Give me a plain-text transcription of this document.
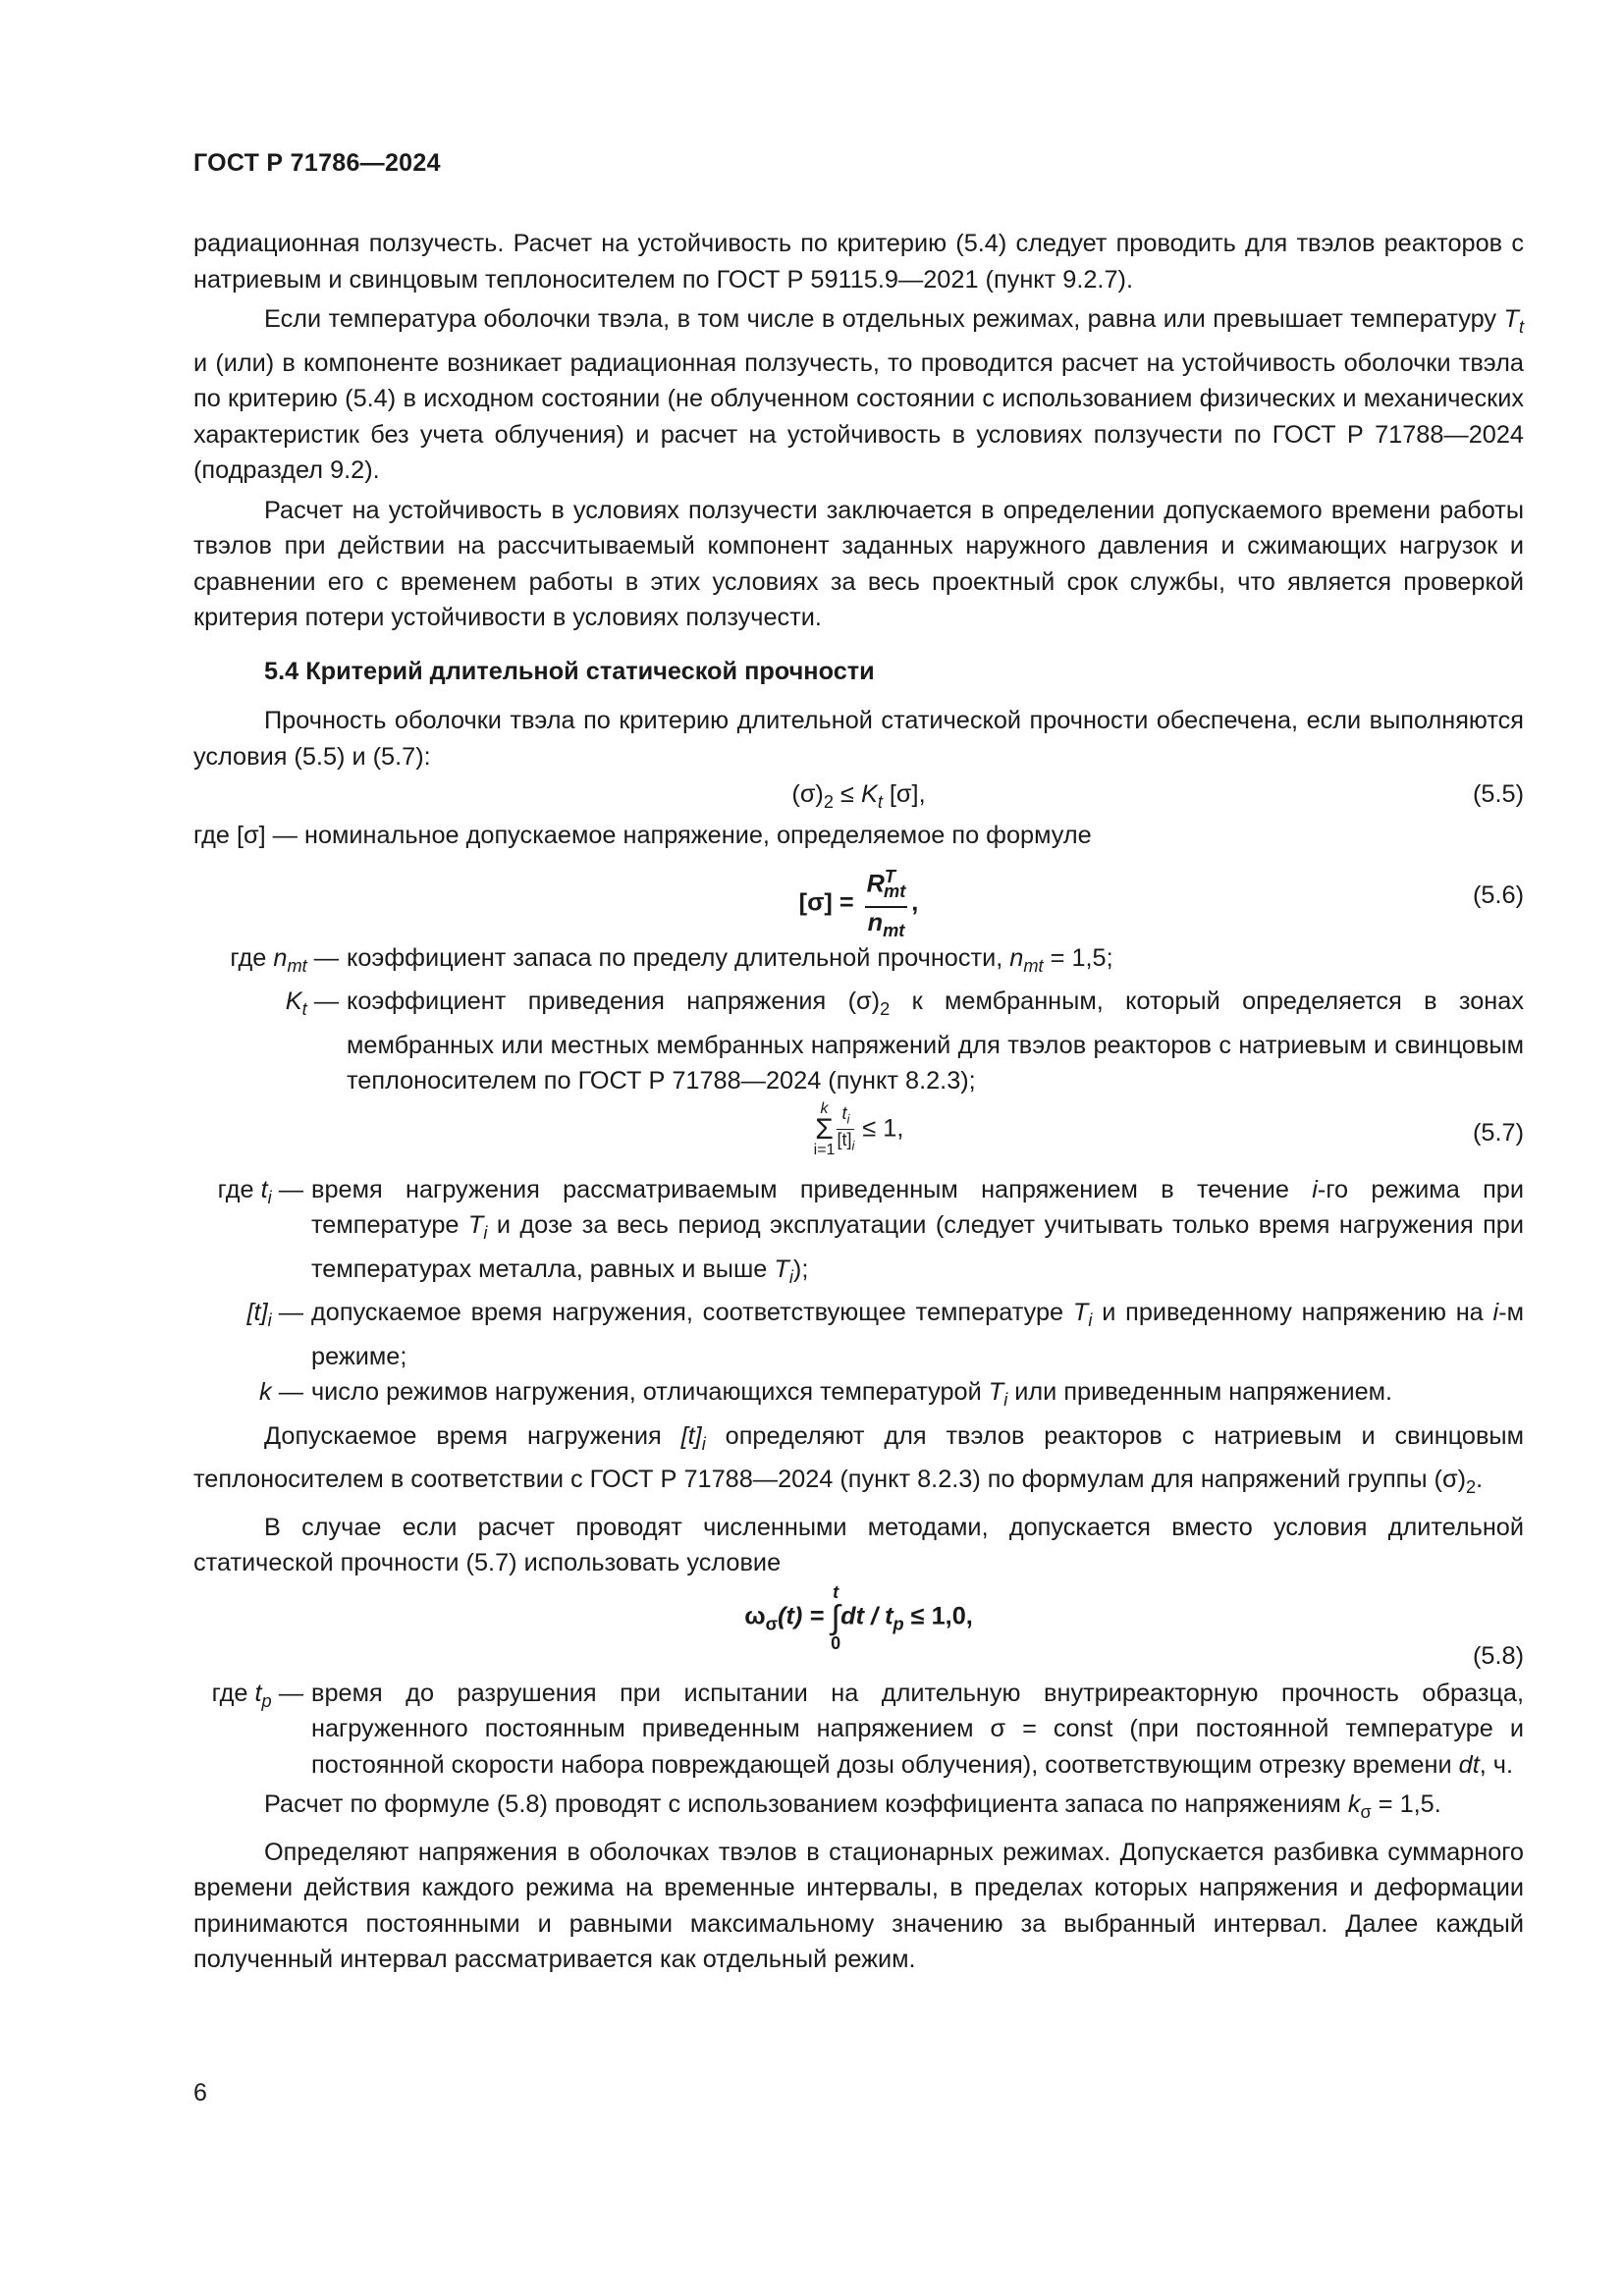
ГОСТ Р 71786—2024

радиационная ползучесть. Расчет на устойчивость по критерию (5.4) следует проводить для твэлов реакторов с натриевым и свинцовым теплоносителем по ГОСТ Р 59115.9—2021 (пункт 9.2.7).

Если температура оболочки твэла, в том числе в отдельных режимах, равна или превышает температуру $T_t$ и (или) в компоненте возникает радиационная ползучесть, то проводится расчет на устойчивость оболочки твэла по критерию (5.4) в исходном состоянии (не облученном состоянии с использованием физических и механических характеристик без учета облучения) и расчет на устойчивость в условиях ползучести по ГОСТ Р 71788—2024 (подраздел 9.2).

Расчет на устойчивость в условиях ползучести заключается в определении допускаемого времени работы твэлов при действии на рассчитываемый компонент заданных наружного давления и сжимающих нагрузок и сравнении его с временем работы в этих условиях за весь проектный срок службы, что является проверкой критерия потери устойчивости в условиях ползучести.

5.4 Критерий длительной статической прочности

Прочность оболочки твэла по критерию длительной статической прочности обеспечена, если выполняются условия (5.5) и (5.7):

$(\sigma)_2 \le K_t$ [σ],	(5.5)

где [σ] — номинальное допускаемое напряжение, определяемое по формуле

$[\sigma] = \frac{R^T_{mt}}{n_{mt}}$ ,	(5.6)
где $n_{mt}$ — коэффициент запаса по пределу длительной прочности, $n_{mt} = 1,5$;
$K_t$ — коэффициент приведения напряжения $(\sigma)_2$ к мембранным, который определяется в зонах мембранных или местных мембранных напряжений для твэлов реакторов с натриевым и свинцовым теплоносителем по ГОСТ Р 71788—2024 (пункт 8.2.3);
k
Σ
$i=1 \frac{t_i}{[t]_i} \le 1$,	(5.7)
где $t_i$ — время нагружения рассматриваемым приведенным напряжением в течение i-го режима при температуре $T_i$ и дозе за весь период эксплуатации (следует учитывать только время нагружения при температурах металла, равных и выше $T_i$);
$[t]_i$ — допускаемое время нагружения, соответствующее температуре $T_i$ и приведенному напряжению на i-м режиме;
k — число режимов нагружения, отличающихся температурой $T_i$ или приведенным напряжением.

Допускаемое время нагружения $[t]_i$ определяют для твэлов реакторов с натриевым и свинцовым теплоносителем в соответствии с ГОСТ Р 71788—2024 (пункт 8.2.3) по формулам для напряжений группы $(\sigma)_2$.

В случае если расчет проводят численными методами, допускается вместо условия длительной статической прочности (5.7) использовать условие

$\omega_\sigma(t) = t$
∫
$0dt / t_p \le 1,0$,
(5.8)
где $t_p$ — время до разрушения при испытании на длительную внутриреакторную прочность образца, нагруженного постоянным приведенным напряжением σ = const (при постоянной температуре и постоянной скорости набора повреждающей дозы облучения), соответствующим отрезку времени dt, ч.

Расчет по формуле (5.8) проводят с использованием коэффициента запаса по напряжениям $k_\sigma = 1,5$.

Определяют напряжения в оболочках твэлов в стационарных режимах. Допускается разбивка суммарного времени действия каждого режима на временные интервалы, в пределах которых напряжения и деформации принимаются постоянными и равными максимальному значению за выбранный интервал. Далее каждый полученный интервал рассматривается как отдельный режим.

6
